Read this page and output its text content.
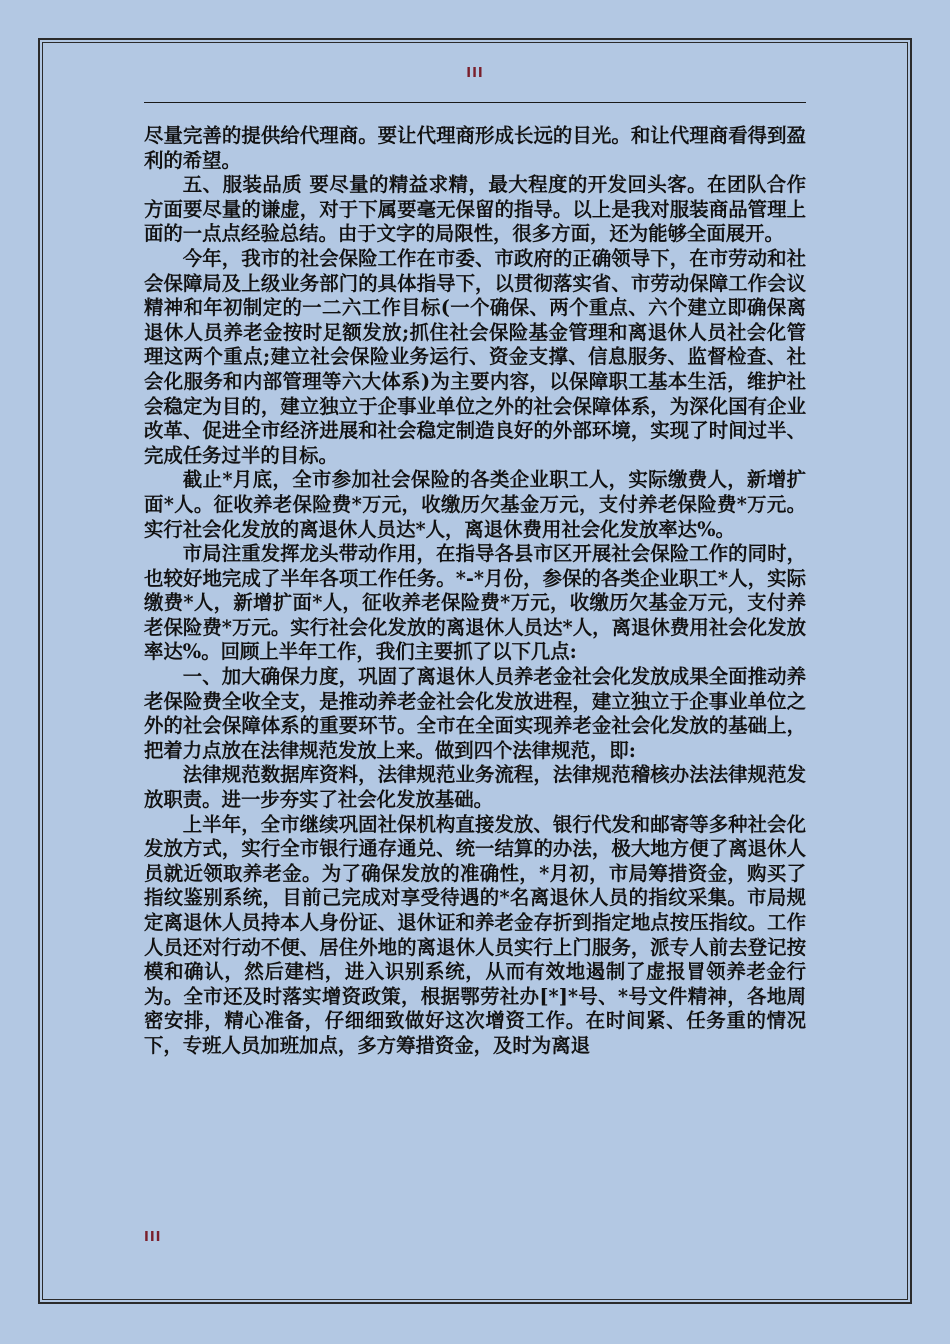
III

尽量完善的提供给代理商。要让代理商形成长远的目光。和让代理商看得到盈利的希望。

五、服装品质 要尽量的精益求精，最大程度的开发回头客。在团队合作方面要尽量的谦虚，对于下属要毫无保留的指导。以上是我对服装商品管理上面的一点点经验总结。由于文字的局限性，很多方面，还为能够全面展开。

今年，我市的社会保险工作在市委、市政府的正确领导下，在市劳动和社会保障局及上级业务部门的具体指导下，以贯彻落实省、市劳动保障工作会议精神和年初制定的一二六工作目标(一个确保、两个重点、六个建立即确保离退休人员养老金按时足额发放;抓住社会保险基金管理和离退休人员社会化管理这两个重点;建立社会保险业务运行、资金支撑、信息服务、监督检查、社会化服务和内部管理等六大体系)为主要内容，以保障职工基本生活，维护社会稳定为目的，建立独立于企事业单位之外的社会保障体系，为深化国有企业改革、促进全市经济进展和社会稳定制造良好的外部环境，实现了时间过半、完成任务过半的目标。

截止*月底，全市参加社会保险的各类企业职工人，实际缴费人，新增扩面*人。征收养老保险费*万元，收缴历欠基金万元，支付养老保险费*万元。实行社会化发放的离退休人员达*人，离退休费用社会化发放率达%。

市局注重发挥龙头带动作用，在指导各县市区开展社会保险工作的同时，也较好地完成了半年各项工作任务。*-*月份，参保的各类企业职工*人，实际缴费*人，新增扩面*人，征收养老保险费*万元，收缴历欠基金万元，支付养老保险费*万元。实行社会化发放的离退休人员达*人，离退休费用社会化发放率达%。回顾上半年工作，我们主要抓了以下几点:

一、加大确保力度，巩固了离退休人员养老金社会化发放成果全面推动养老保险费全收全支，是推动养老金社会化发放进程，建立独立于企事业单位之外的社会保障体系的重要环节。全市在全面实现养老金社会化发放的基础上，把着力点放在法律规范发放上来。做到四个法律规范，即:

法律规范数据库资料，法律规范业务流程，法律规范稽核办法法律规范发放职责。进一步夯实了社会化发放基础。

上半年，全市继续巩固社保机构直接发放、银行代发和邮寄等多种社会化发放方式，实行全市银行通存通兑、统一结算的办法，极大地方便了离退休人员就近领取养老金。为了确保发放的准确性，*月初，市局筹措资金，购买了指纹鉴别系统，目前己完成对享受待遇的*名离退休人员的指纹采集。市局规定离退休人员持本人身份证、退休证和养老金存折到指定地点按压指纹。工作人员还对行动不便、居住外地的离退休人员实行上门服务，派专人前去登记按模和确认，然后建档，进入识别系统，从而有效地遏制了虚报冒领养老金行为。全市还及时落实增资政策，根据鄂劳社办[*]*号、*号文件精神，各地周密安排，精心准备，仔细细致做好这次增资工作。在时间紧、任务重的情况下，专班人员加班加点，多方筹措资金，及时为离退

III
